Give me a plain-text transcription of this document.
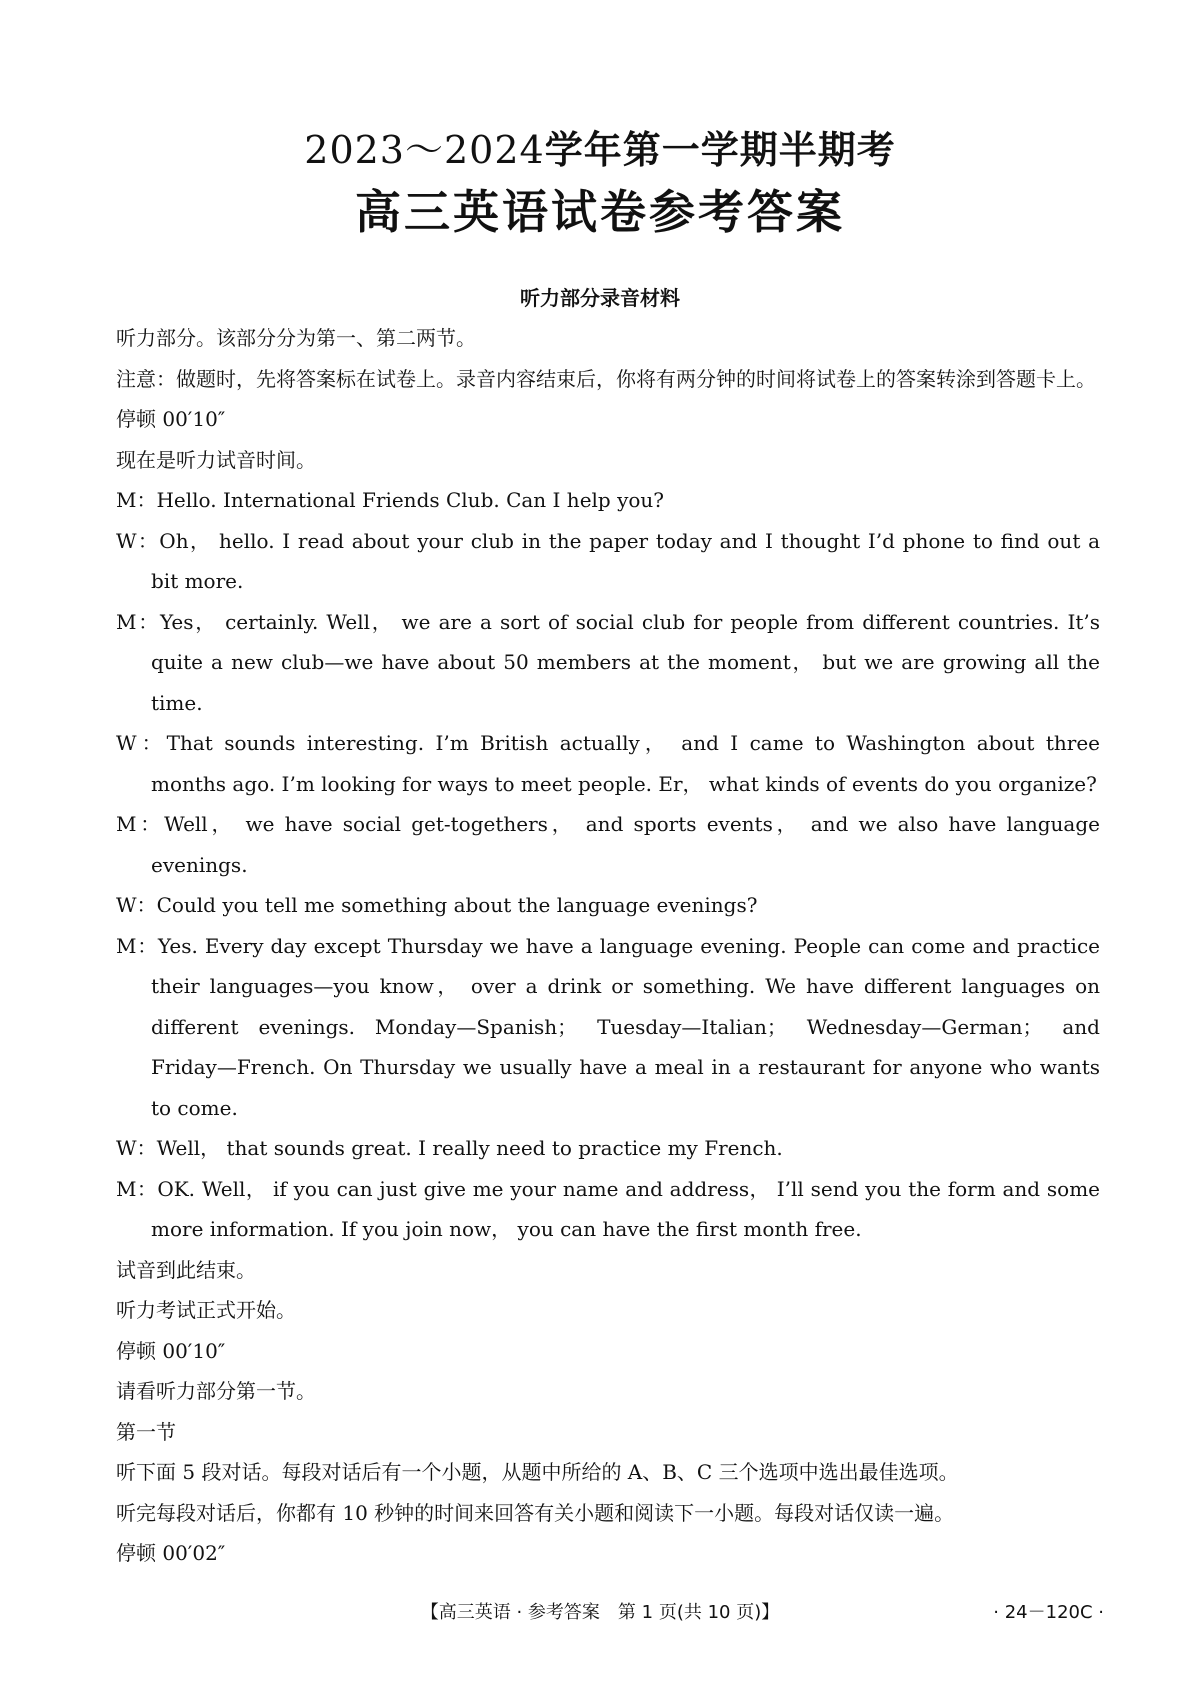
2023～2024学年第一学期半期考
高三英语试卷参考答案
听力部分录音材料
听力部分。该部分分为第一、第二两节。
注意：做题时，先将答案标在试卷上。录音内容结束后，你将有两分钟的时间将试卷上的答案转涂到答题卡上。
停顿 00′10″
现在是听力试音时间。
M：Hello. International Friends Club. Can I help you?
W：Oh， hello. I read about your club in the paper today and I thought I’d phone to find out a bit more.
M：Yes， certainly. Well， we are a sort of social club for people from different countries. It’s quite a new club—we have about 50 members at the moment， but we are growing all the time.
W：That sounds interesting. I’m British actually， and I came to Washington about three months ago. I’m looking for ways to meet people. Er， what kinds of events do you organize?
M：Well， we have social get-togethers， and sports events， and we also have language evenings.
W：Could you tell me something about the language evenings?
M：Yes. Every day except Thursday we have a language evening. People can come and practice their languages—you know， over a drink or something. We have different languages on different evenings. Monday—Spanish； Tuesday—Italian； Wednesday—German； and Friday—French. On Thursday we usually have a meal in a restaurant for anyone who wants to come.
W：Well， that sounds great. I really need to practice my French.
M：OK. Well， if you can just give me your name and address， I’ll send you the form and some more information. If you join now， you can have the first month free.
试音到此结束。
听力考试正式开始。
停顿 00′10″
请看听力部分第一节。
第一节
听下面 5 段对话。每段对话后有一个小题，从题中所给的 A、B、C 三个选项中选出最佳选项。
听完每段对话后，你都有 10 秒钟的时间来回答有关小题和阅读下一小题。每段对话仅读一遍。
停顿 00′02″
【高三英语 · 参考答案　第 1 页(共 10 页)】	· 24－120C ·
